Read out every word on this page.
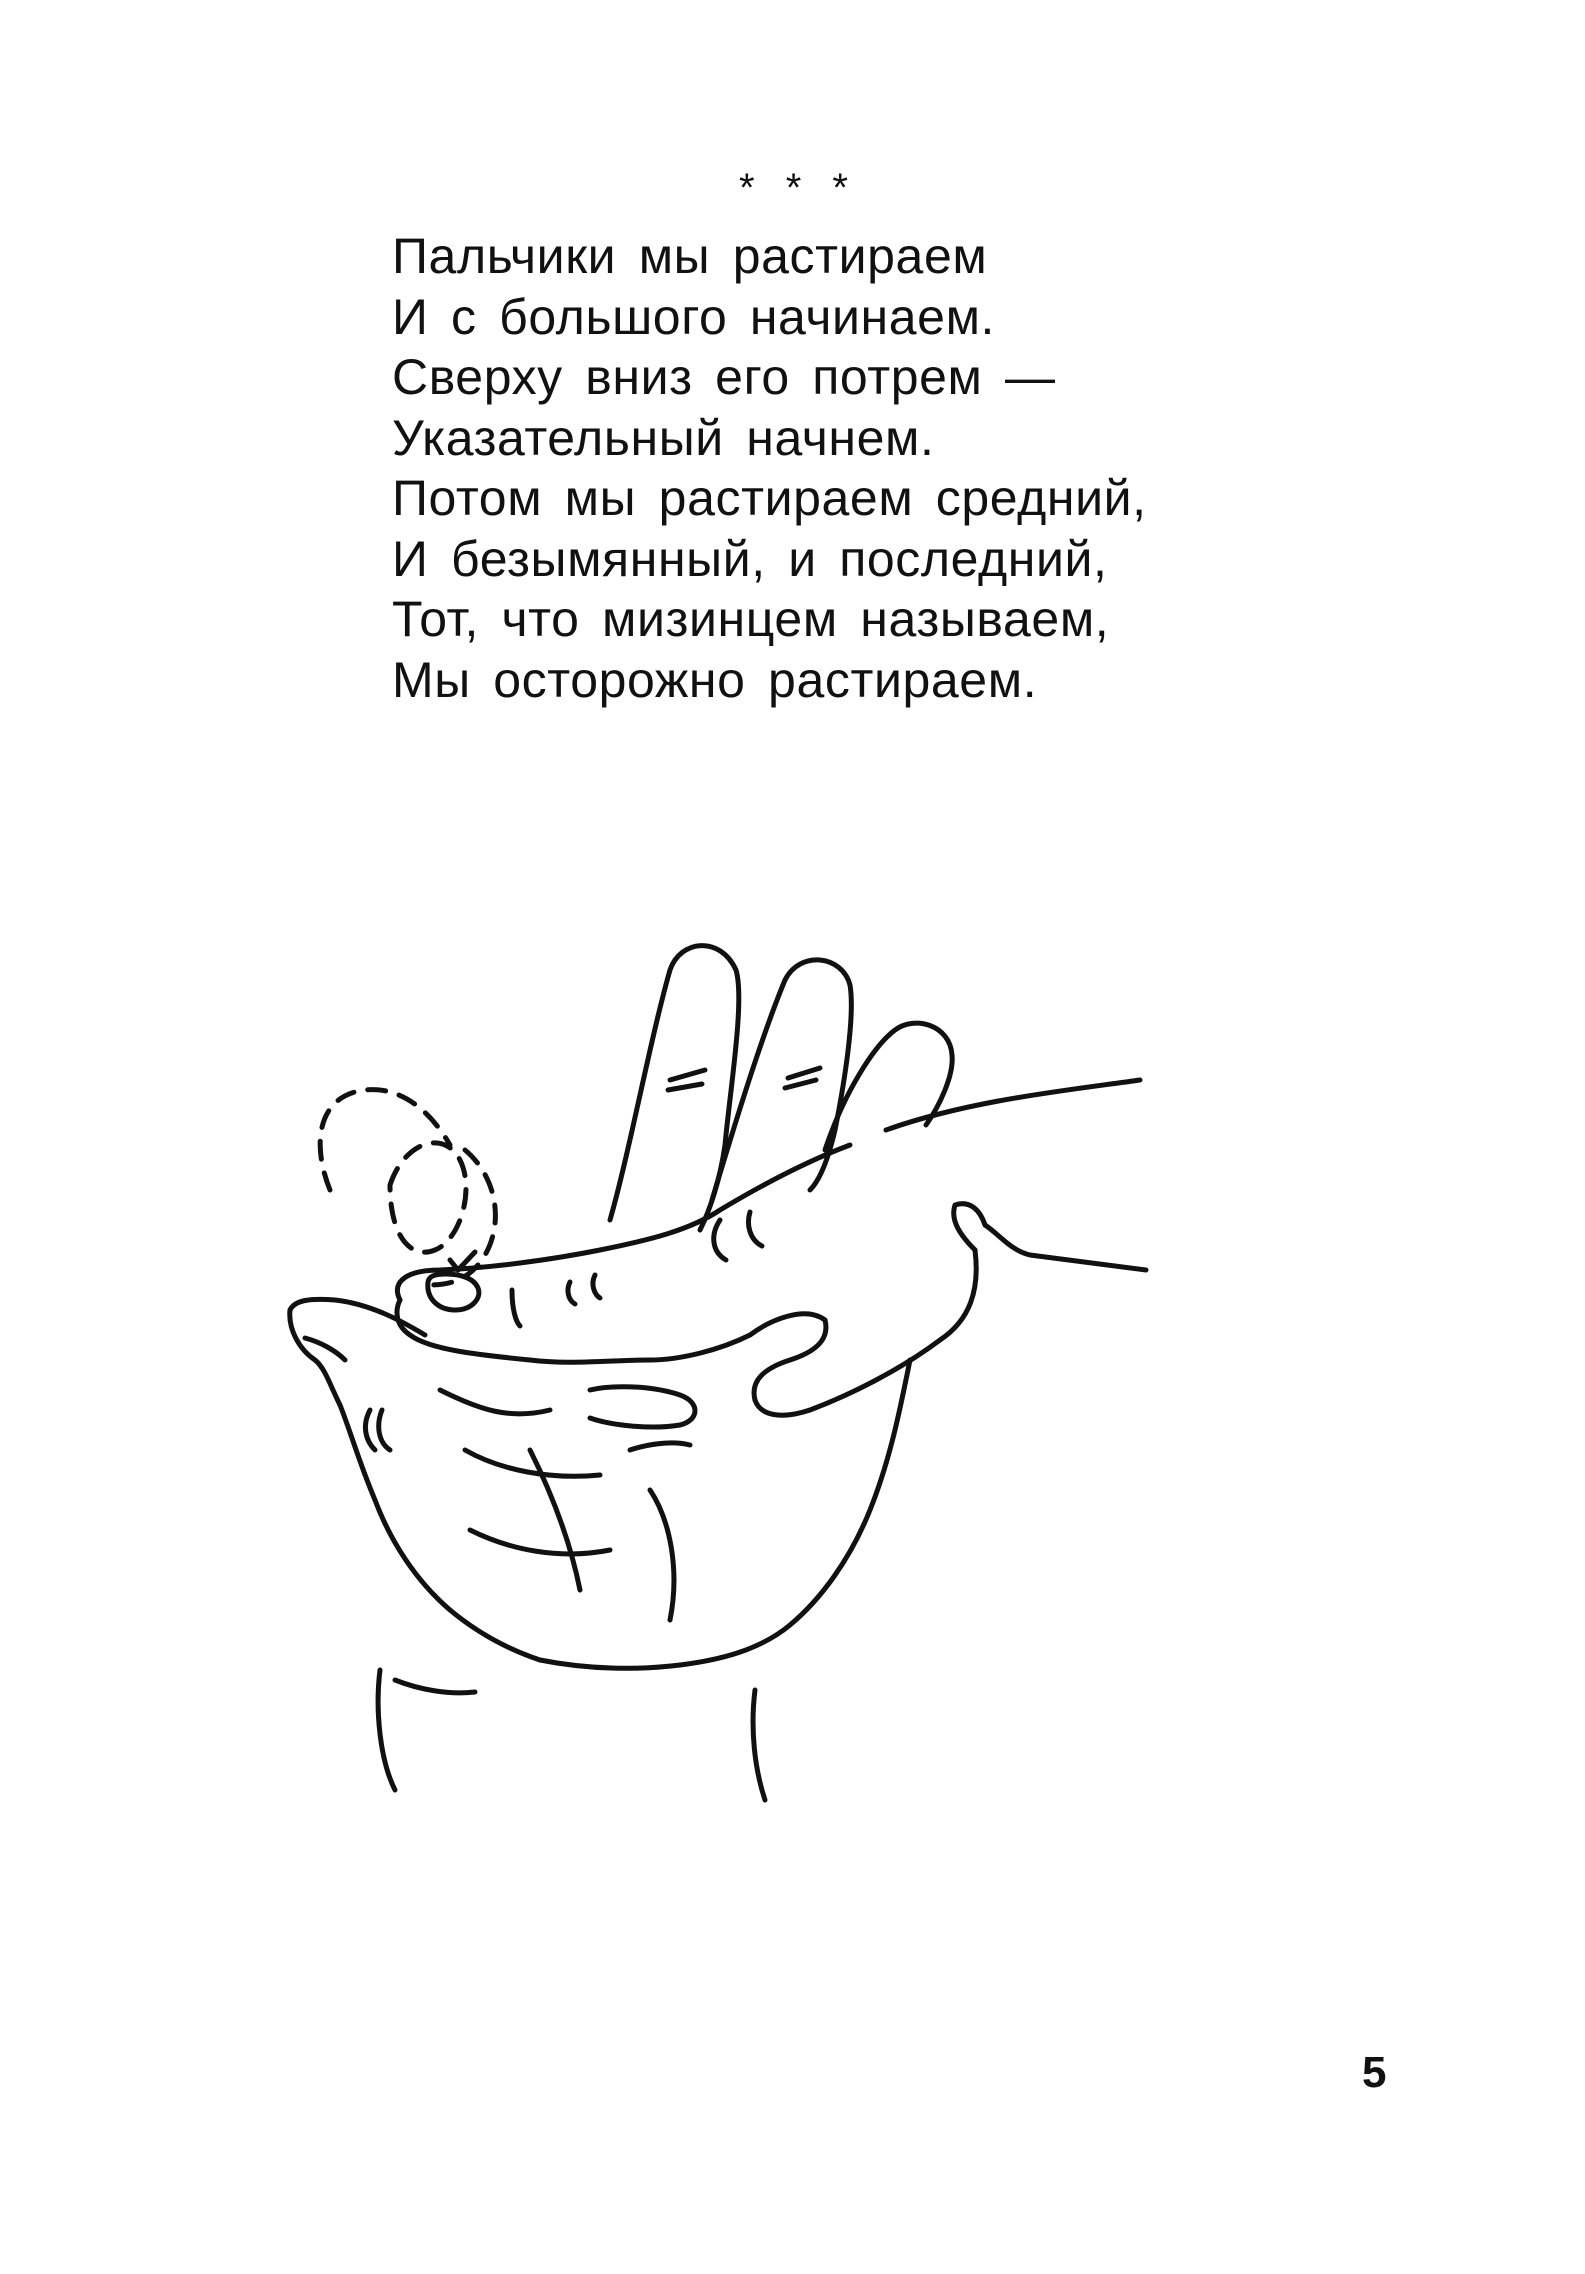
* * *
Пальчики мы растираем
И с большого начинаем.
Сверху вниз его потрем —
Указательный начнем.
Потом мы растираем средний,
И безымянный, и последний,
Тот, что мизинцем называем,
Мы осторожно растираем.
5
